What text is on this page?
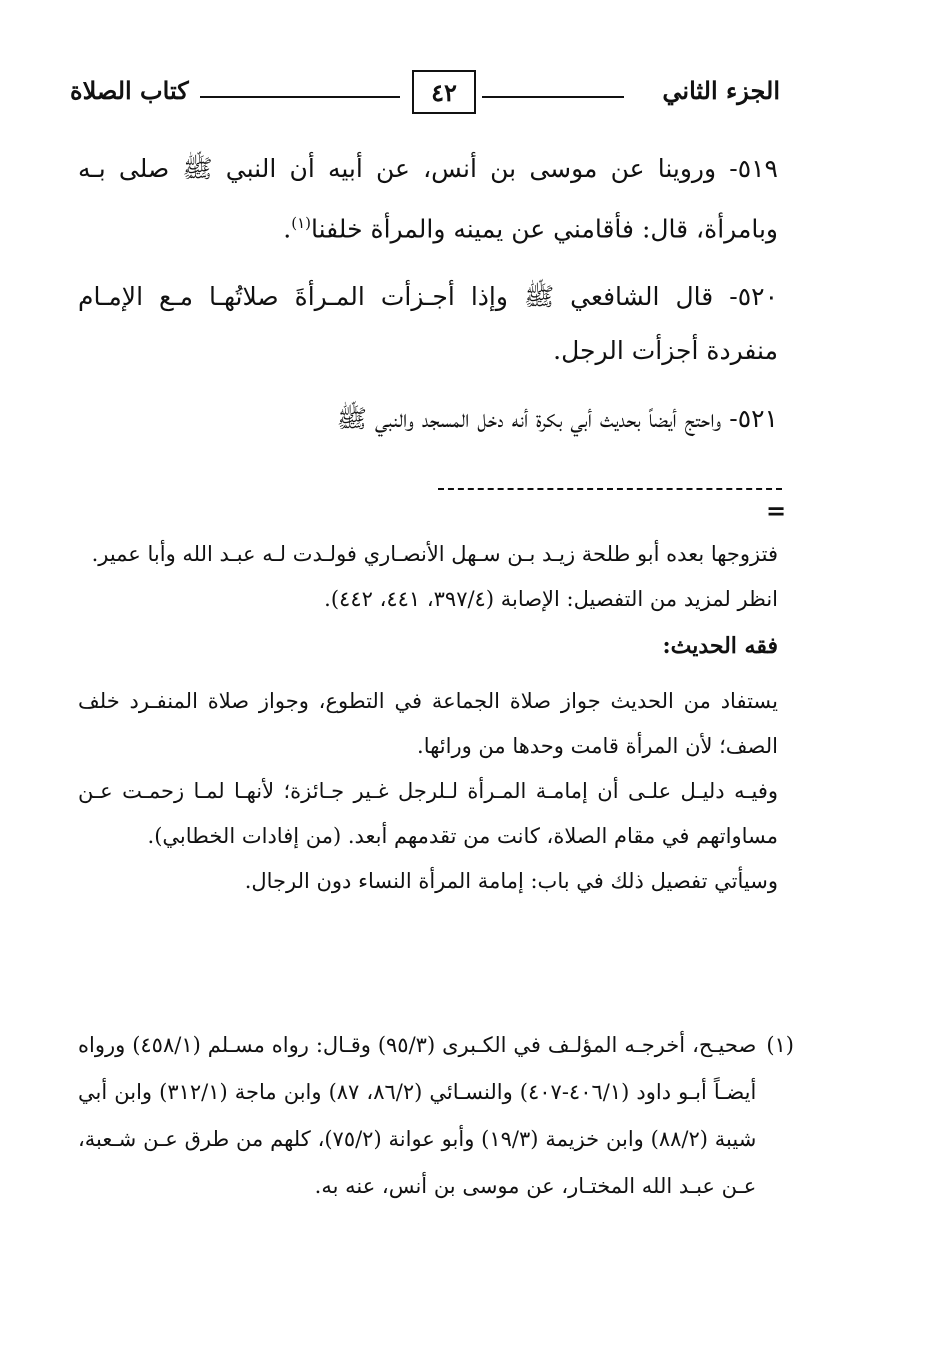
الجزء الثاني
٤٢
كتاب الصلاة

٥١٩- وروينا عن موسى بن أنس، عن أبيه أن النبي ﷺ صلى بـه وبامرأة، قال: فأقامني عن يمينه والمرأة خلفنا$^{(١)}$.

٥٢٠- قال الشافعي ﷺ وإذا أجـزأت المـرأةَ صلاتُهـا مـع الإمـام منفردة أجزأت الرجل.

٥٢١- واحتج أيضاً بحديث أبي بكرة أنه دخل المسجد والنبي ﷺ

=

فتزوجها بعده أبو طلحة زيـد بـن سـهل الأنصـاري فولـدت لـه عبـد الله وأبا عمير.

انظر لمزيد من التفصيل: الإصابة (٣٩٧/٤، ٤٤١، ٤٤٢).

فقه الحديث:

يستفاد من الحديث جواز صلاة الجماعة في التطوع، وجواز صلاة المنفـرد خلف الصف؛ لأن المرأة قامت وحدها من ورائها.

وفيـه دليـل علـى أن إمامـة المـرأة لـلرجل غـير جـائزة؛ لأنهـا لمـا زحمـت عـن مساواتهم في مقام الصلاة، كانت من تقدمهم أبعد. (من إفادات الخطابي).

وسيأتي تفصيل ذلك في باب: إمامة المرأة النساء دون الرجال.

(١)
صحيـح، أخرجـه المؤلـف في الكـبرى (٩٥/٣) وقـال: رواه مسـلم (٤٥٨/١) ورواه أيضـاً أبـو داود (٤٠٦/١-٤٠٧) والنسـائي (٨٦/٢، ٨٧) وابن ماجة (٣١٢/١) وابن أبي شيبة (٨٨/٢) وابن خزيمة (١٩/٣) وأبو عوانة (٧٥/٢)، كلهم من طرق عـن شـعبة، عـن عبـد الله المختـار، عن موسى بن أنس، عنه به.
